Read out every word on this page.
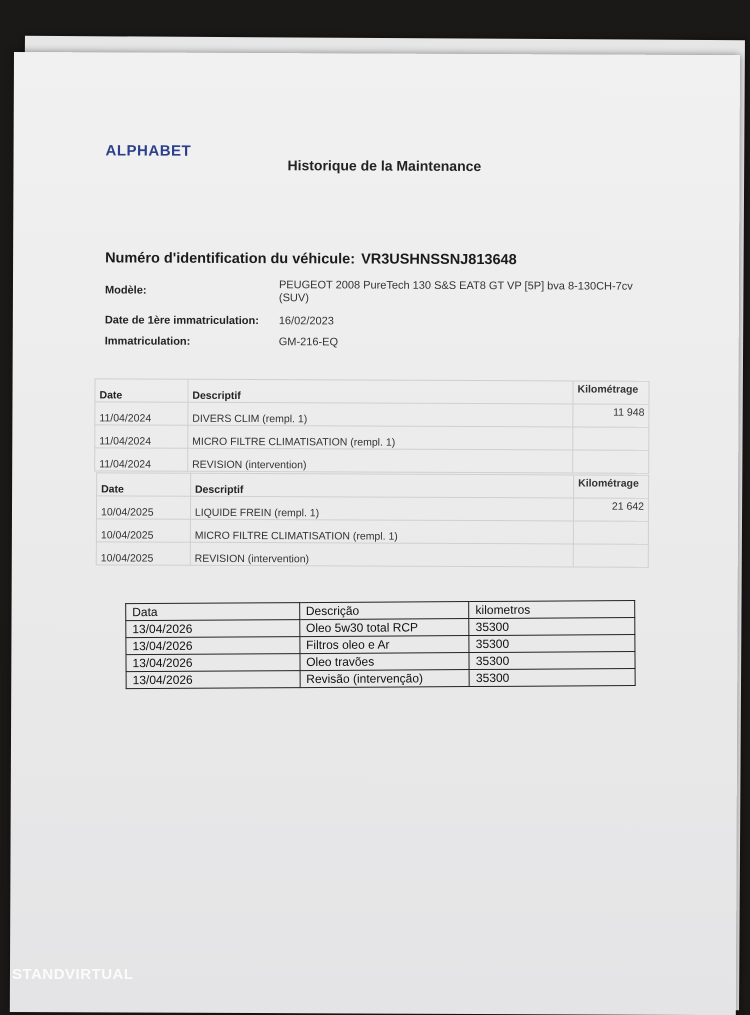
ALPHABET
Historique de la Maintenance
Numéro d'identification du véhicule: VR3USHNSSNJ813648
Modèle:	PEUGEOT 2008 PureTech 130 S&S EAT8 GT VP [5P] bva 8-130CH-7cv
(SUV)
Date de 1ère immatriculation: 16/02/2023
Immatriculation:	GM-216-EQ
Date	Descriptif	Kilométrage
11/04/2024	DIVERS CLIM (rempl. 1)	11 948
11/04/2024	MICRO FILTRE CLIMATISATION (rempl. 1)	
11/04/2024	REVISION (intervention)	
Date	Descriptif	Kilométrage
10/04/2025	LIQUIDE FREIN (rempl. 1)	21 642
10/04/2025	MICRO FILTRE CLIMATISATION (rempl. 1)	
10/04/2025	REVISION (intervention)	
Data	Descrição	kilometros
13/04/2026	Oleo 5w30 total RCP	35300
13/04/2026	Filtros oleo e Ar	35300
13/04/2026	Oleo travões	35300
13/04/2026	Revisão (intervenção)	35300
STANDVIRTUAL
